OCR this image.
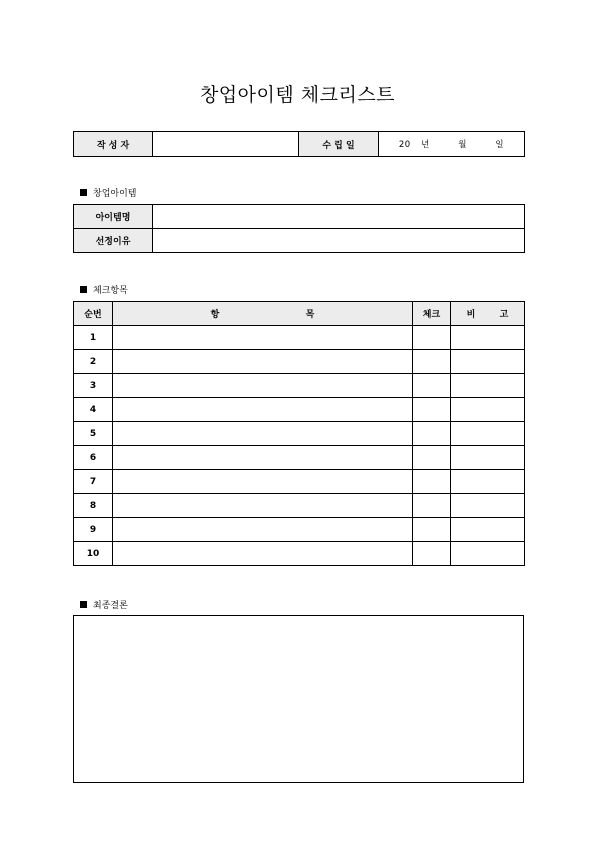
창업아이템 체크리스트
작 성 자		수 립 일	20 년	월	일
창업아이템
아이템명	
선정이유	
체크항목
순번	항 목	체크	비 고
1			
2			
3			
4			
5			
6			
7			
8			
9			
10			
최종결론
